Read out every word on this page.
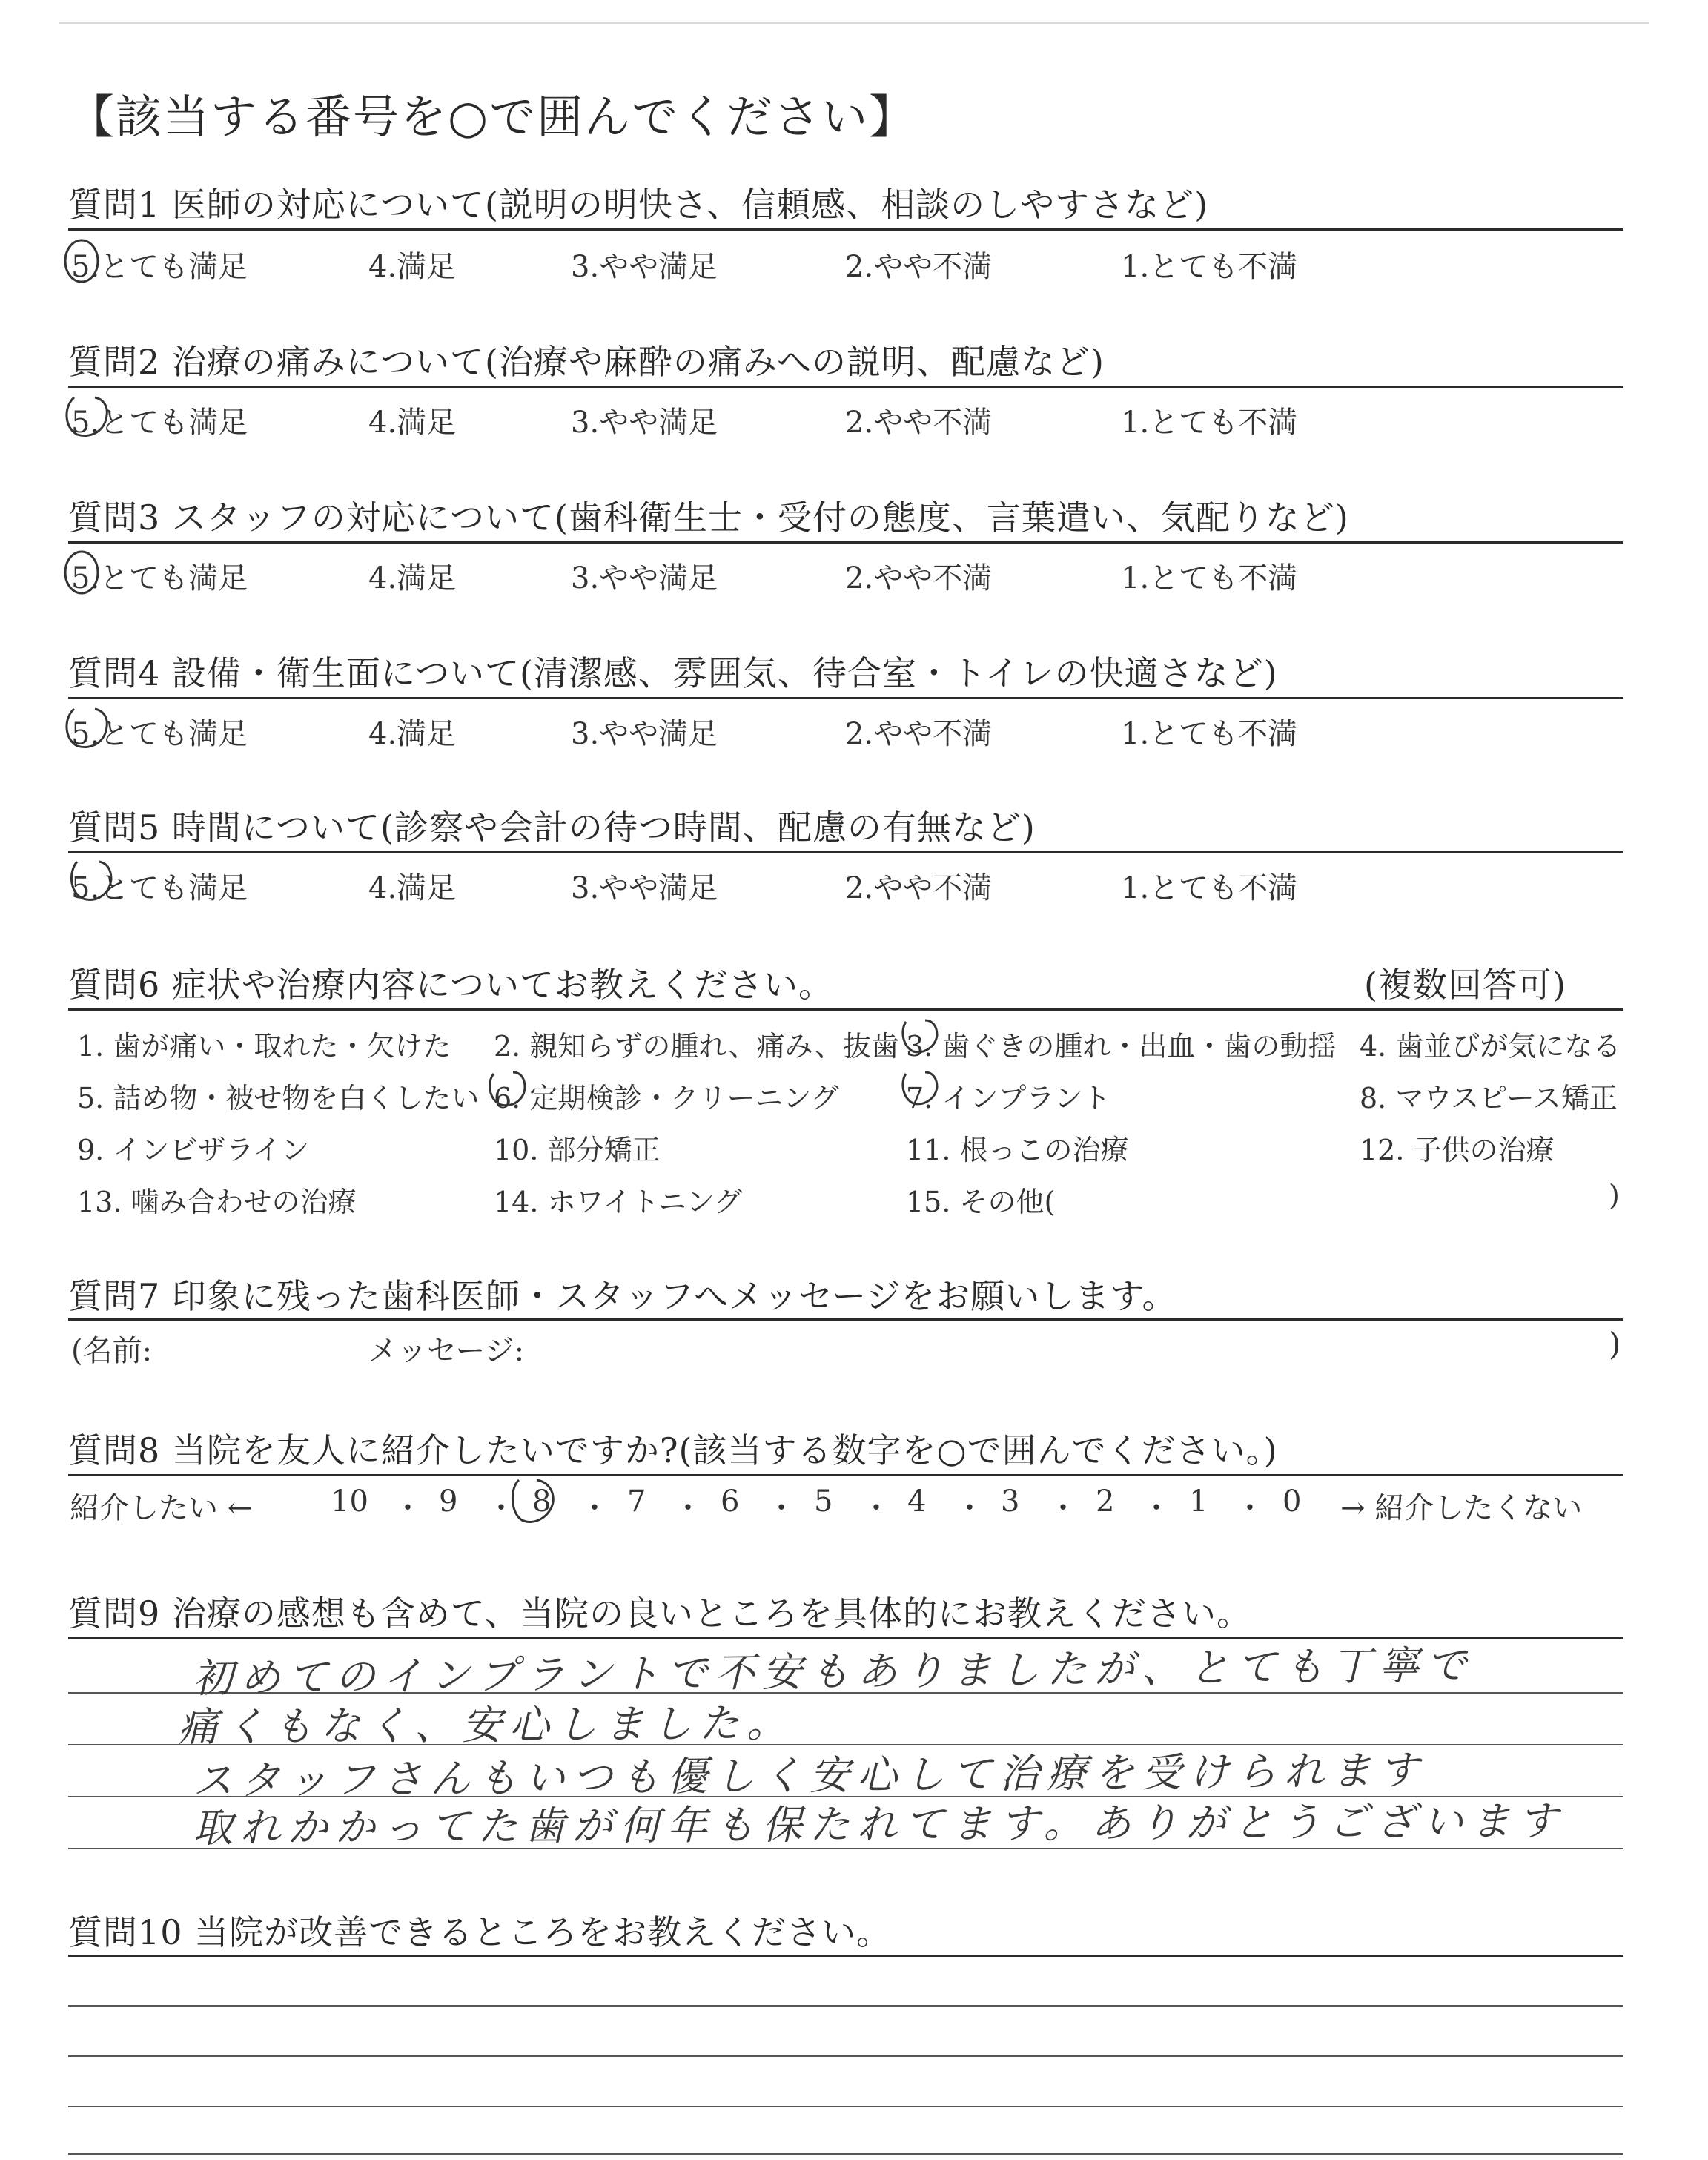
【該当する番号を○で囲んでください】
質問1 医師の対応について(説明の明快さ、信頼感、相談のしやすさなど)
5.とても満足	4.満足	3.やや満足	2.やや不満	1.とても不満
質問2 治療の痛みについて(治療や麻酔の痛みへの説明、配慮など)
5.とても満足	4.満足	3.やや満足	2.やや不満	1.とても不満
質問3 スタッフの対応について(歯科衛生士・受付の態度、言葉遣い、気配りなど)
5.とても満足	4.満足	3.やや満足	2.やや不満	1.とても不満
質問4 設備・衛生面について(清潔感、雰囲気、待合室・トイレの快適さなど)
5.とても満足	4.満足	3.やや満足	2.やや不満	1.とても不満
質問5 時間について(診察や会計の待つ時間、配慮の有無など)
5.とても満足	4.満足	3.やや満足	2.やや不満	1.とても不満
質問6 症状や治療内容についてお教えください。	(複数回答可)
1. 歯が痛い・取れた・欠けた 2. 親知らずの腫れ、痛み、抜歯 3. 歯ぐきの腫れ・出血・歯の動揺 4. 歯並びが気になる
5. 詰め物・被せ物を白くしたい 6. 定期検診・クリーニング 7. インプラント	8. マウスピース矯正
9. インビザライン	10. 部分矯正	11. 根っこの治療	12. 子供の治療
13. 噛み合わせの治療	14. ホワイトニング	15. その他(	)
質問7 印象に残った歯科医師・スタッフへメッセージをお願いします。
(名前:	メッセージ:	)
質問8 当院を友人に紹介したいですか?(該当する数字を○で囲んでください。)
紹介したい ←	10 ・ 9 ・ 8 ・ 7 ・ 6 ・ 5 ・ 4 ・ 3 ・ 2 ・ 1 ・ 0 → 紹介したくない
質問9 治療の感想も含めて、当院の良いところを具体的にお教えください。
初めてのインプラントで不安もありましたが、とても丁寧で
痛くもなく、安心しました。
スタッフさんもいつも優しく安心して治療を受けられます
取れかかってた歯が何年も保たれてます。ありがとうございます
質問10 当院が改善できるところをお教えください。
